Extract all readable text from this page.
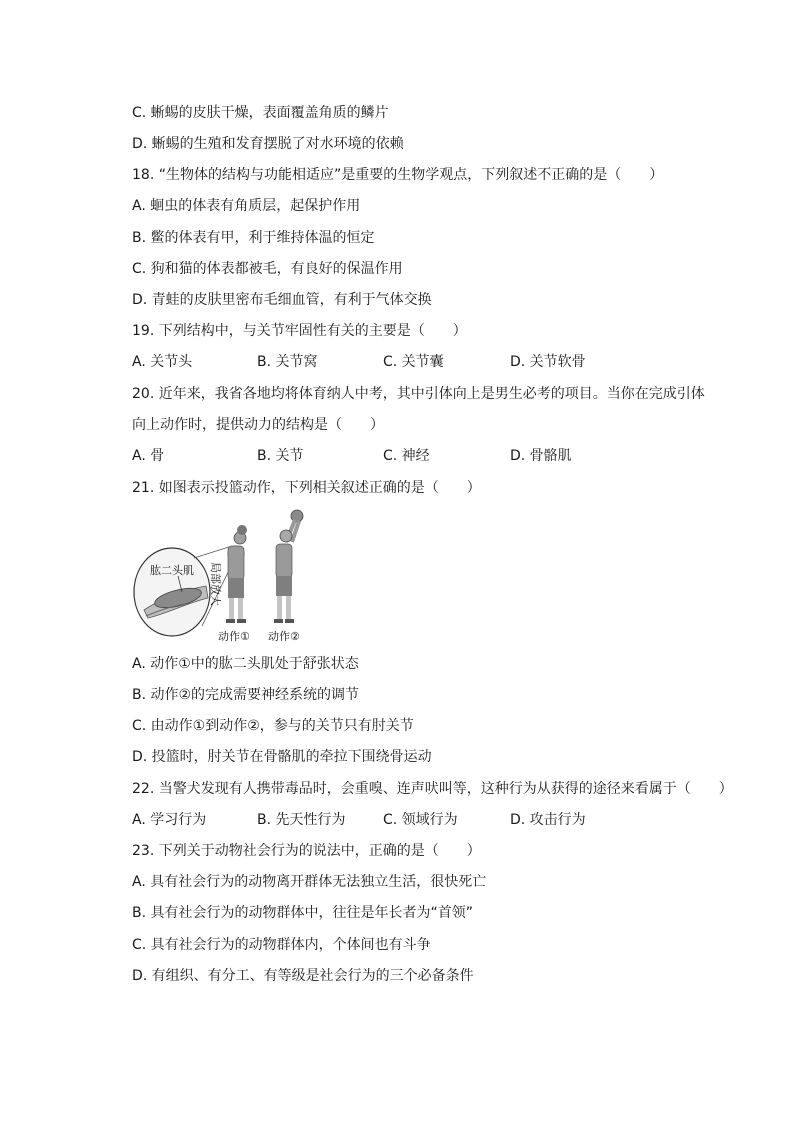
C. 蜥蜴的皮肤干燥，表面覆盖角质的鳞片
D. 蜥蜴的生殖和发育摆脱了对水环境的依赖
18. “生物体的结构与功能相适应”是重要的生物学观点，下列叙述不正确的是（　　）
A. 蛔虫的体表有角质层，起保护作用
B. 鳖的体表有甲，利于维持体温的恒定
C. 狗和猫的体表都被毛，有良好的保温作用
D. 青蛙的皮肤里密布毛细血管，有利于气体交换
19. 下列结构中，与关节牢固性有关的主要是（　　）
A. 关节头	B. 关节窝	C. 关节囊	D. 关节软骨
20. 近年来，我省各地均将体育纳人中考，其中引体向上是男生必考的项目。当你在完成引体
向上动作时，提供动力的结构是（　　）
A. 骨	B. 关节	C. 神经	D. 骨骼肌
21. 如图表示投篮动作，下列相关叙述正确的是（　　）
肱二头肌 局部放大
动作① 动作②
A. 动作①中的肱二头肌处于舒张状态
B. 动作②的完成需要神经系统的调节
C. 由动作①到动作②，参与的关节只有肘关节
D. 投篮时，肘关节在骨骼肌的牵拉下围绕骨运动
22. 当警犬发现有人携带毒品时，会重嗅、连声吠叫等，这种行为从获得的途径来看属于（　　）
A. 学习行为	B. 先天性行为	C. 领域行为	D. 攻击行为
23. 下列关于动物社会行为的说法中，正确的是（　　）
A. 具有社会行为的动物离开群体无法独立生活，很快死亡
B. 具有社会行为的动物群体中，往往是年长者为“首领”
C. 具有社会行为的动物群体内，个体间也有斗争
D. 有组织、有分工、有等级是社会行为的三个必备条件
